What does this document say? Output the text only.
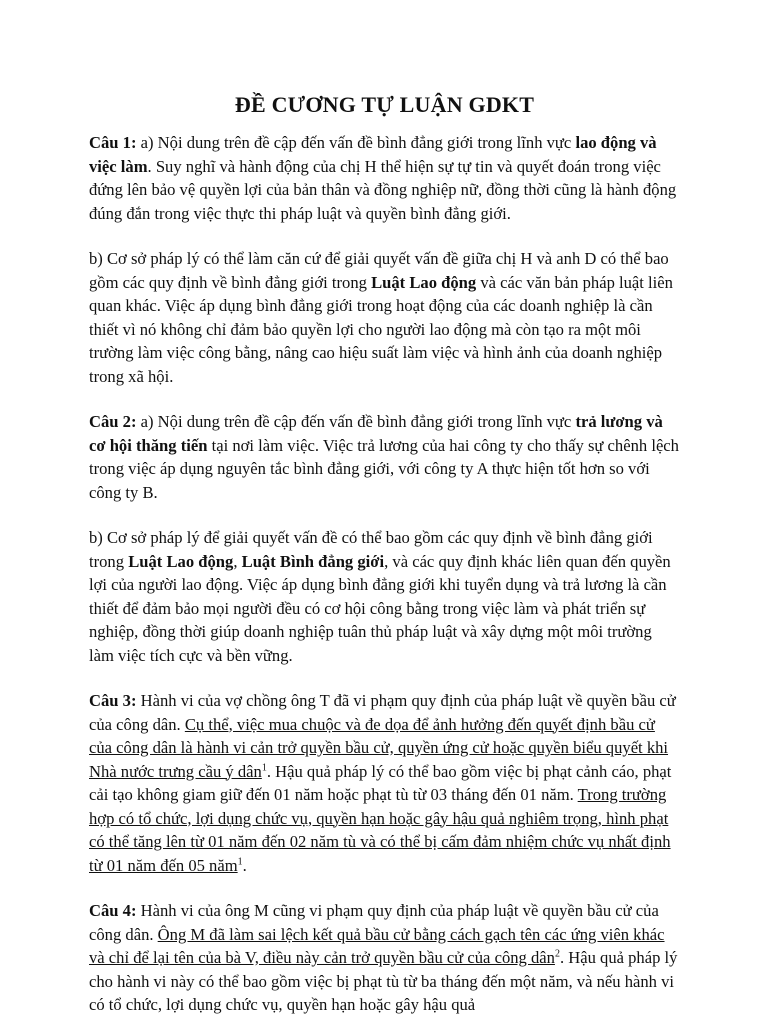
ĐỀ CƯƠNG TỰ LUẬN GDKT

Câu 1: a) Nội dung trên đề cập đến vấn đề bình đẳng giới trong lĩnh vực lao động và việc làm. Suy nghĩ và hành động của chị H thể hiện sự tự tin và quyết đoán trong việc đứng lên bảo vệ quyền lợi của bản thân và đồng nghiệp nữ, đồng thời cũng là hành động đúng đắn trong việc thực thi pháp luật và quyền bình đẳng giới.

b) Cơ sở pháp lý có thể làm căn cứ để giải quyết vấn đề giữa chị H và anh D có thể bao gồm các quy định về bình đẳng giới trong Luật Lao động và các văn bản pháp luật liên quan khác. Việc áp dụng bình đẳng giới trong hoạt động của các doanh nghiệp là cần thiết vì nó không chỉ đảm bảo quyền lợi cho người lao động mà còn tạo ra một môi trường làm việc công bằng, nâng cao hiệu suất làm việc và hình ảnh của doanh nghiệp trong xã hội.

Câu 2: a) Nội dung trên đề cập đến vấn đề bình đẳng giới trong lĩnh vực trả lương và cơ hội thăng tiến tại nơi làm việc. Việc trả lương của hai công ty cho thấy sự chênh lệch trong việc áp dụng nguyên tắc bình đẳng giới, với công ty A thực hiện tốt hơn so với công ty B.

b) Cơ sở pháp lý để giải quyết vấn đề có thể bao gồm các quy định về bình đẳng giới trong Luật Lao động, Luật Bình đẳng giới, và các quy định khác liên quan đến quyền lợi của người lao động. Việc áp dụng bình đẳng giới khi tuyển dụng và trả lương là cần thiết để đảm bảo mọi người đều có cơ hội công bằng trong việc làm và phát triển sự nghiệp, đồng thời giúp doanh nghiệp tuân thủ pháp luật và xây dựng một môi trường làm việc tích cực và bền vững.

Câu 3: Hành vi của vợ chồng ông T đã vi phạm quy định của pháp luật về quyền bầu cử của công dân. Cụ thể, việc mua chuộc và đe dọa để ảnh hưởng đến quyết định bầu cử của công dân là hành vi cản trở quyền bầu cử, quyền ứng cử hoặc quyền biểu quyết khi Nhà nước trưng cầu ý dân$^1$. Hậu quả pháp lý có thể bao gồm việc bị phạt cảnh cáo, phạt cải tạo không giam giữ đến 01 năm hoặc phạt tù từ 03 tháng đến 01 năm. Trong trường hợp có tổ chức, lợi dụng chức vụ, quyền hạn hoặc gây hậu quả nghiêm trọng, hình phạt có thể tăng lên từ 01 năm đến 02 năm tù và có thể bị cấm đảm nhiệm chức vụ nhất định từ 01 năm đến 05 năm$^1$.

Câu 4: Hành vi của ông M cũng vi phạm quy định của pháp luật về quyền bầu cử của công dân. Ông M đã làm sai lệch kết quả bầu cử bằng cách gạch tên các ứng viên khác và chỉ để lại tên của bà V, điều này cản trở quyền bầu cử của công dân$^2$. Hậu quả pháp lý cho hành vi này có thể bao gồm việc bị phạt tù từ ba tháng đến một năm, và nếu hành vi có tổ chức, lợi dụng chức vụ, quyền hạn hoặc gây hậu quả
